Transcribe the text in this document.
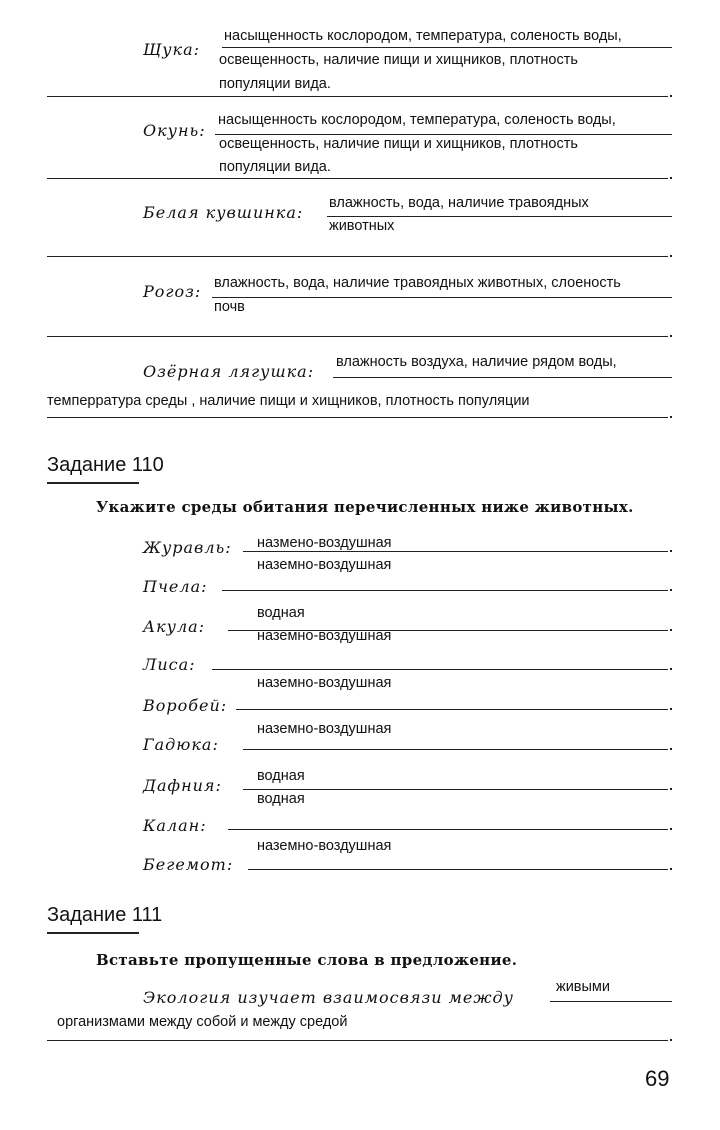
Щука:
насыщенность кослородом, температура, соленость воды,
освещенность, наличие пищи и хищников, плотность
популяции вида.
Окунь:
насыщенность кослородом, температура, соленость воды,
освещенность, наличие пищи и хищников, плотность
популяции вида.
Белая кувшинка: влажность, вода, наличие травоядных
животных
Рогоз: влажность, вода, наличие травоядных животных, слоеность
почв
Озёрная лягушка: влажность воздуха, наличие рядом воды,
темперратура среды , наличие пищи и хищников, плотность популяции
Задание 110
Укажите среды обитания перечисленных ниже животных.
Журавль: назмено-воздушная
наземно-воздушная
Пчела:
водная
Акула:	наземно-воздушная
Лиса:
наземно-воздушная
Воробей:
наземно-воздушная
Гадюка:
водная
Дафния:
водная
Калан:
наземно-воздушная
Бегемот:
Задание 111
Вставьте пропущенные слова в предложение.
Экология изучает взаимосвязи между
живыми
организмами между собой и между средой
69
